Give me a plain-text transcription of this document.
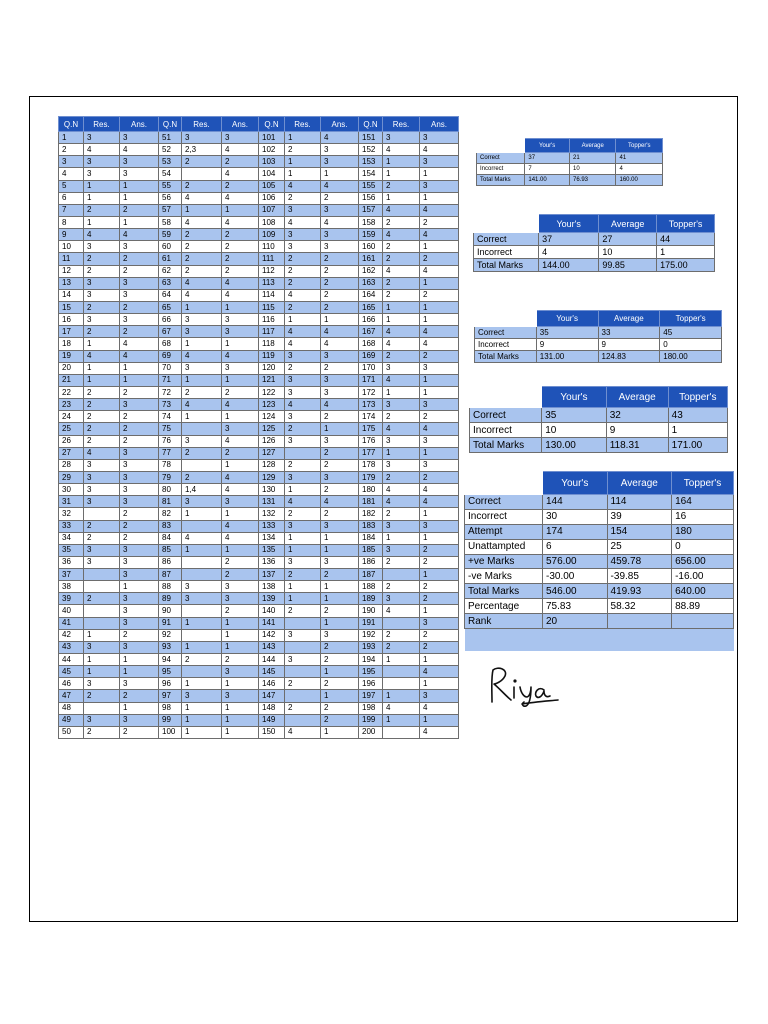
Q.N	Res.	Ans.	Q.N	Res.	Ans.	Q.N	Res.	Ans.	Q.N	Res.	Ans.
1	3	3	51	3	3	101	1	4	151	3	3
2	4	4	52	2,3	4	102	2	3	152	4	4
3	3	3	53	2	2	103	1	3	153	1	3
4	3	3	54		4	104	1	1	154	1	1
5	1	1	55	2	2	105	4	4	155	2	3
6	1	1	56	4	4	106	2	2	156	1	1
7	2	2	57	1	1	107	3	3	157	4	4
8	1	1	58	4	4	108	4	4	158	2	2
9	4	4	59	2	2	109	3	3	159	4	4
10	3	3	60	2	2	110	3	3	160	2	1
11	2	2	61	2	2	111	2	2	161	2	2
12	2	2	62	2	2	112	2	2	162	4	4
13	3	3	63	4	4	113	2	2	163	2	1
14	3	3	64	4	4	114	4	2	164	2	2
15	2	2	65	1	1	115	2	2	165	1	1
16	3	3	66	3	3	116	1	1	166	1	1
17	2	2	67	3	3	117	4	4	167	4	4
18	1	4	68	1	1	118	4	4	168	4	4
19	4	4	69	4	4	119	3	3	169	2	2
20	1	1	70	3	3	120	2	2	170	3	3
21	1	1	71	1	1	121	3	3	171	4	1
22	2	2	72	2	2	122	3	3	172	1	1
23	2	3	73	4	4	123	4	4	173	3	3
24	2	2	74	1	1	124	3	2	174	2	2
25	2	2	75		3	125	2	1	175	4	4
26	2	2	76	3	4	126	3	3	176	3	3
27	4	3	77	2	2	127		2	177	1	1
28	3	3	78		1	128	2	2	178	3	3
29	3	3	79	2	4	129	3	3	179	2	2
30	3	3	80	1,4	4	130	1	2	180	4	4
31	3	3	81	3	3	131	4	4	181	4	4
32		2	82	1	1	132	2	2	182	2	1
33	2	2	83		4	133	3	3	183	3	3
34	2	2	84	4	4	134	1	1	184	1	1
35	3	3	85	1	1	135	1	1	185	3	2
36	3	3	86		2	136	3	3	186	2	2
37		3	87		2	137	2	2	187		1
38		1	88	3	3	138	1	1	188	2	2
39	2	3	89	3	3	139	1	1	189	3	2
40		3	90		2	140	2	2	190	4	1
41		3	91	1	1	141		1	191		3
42	1	2	92		1	142	3	3	192	2	2
43	3	3	93	1	1	143		2	193	2	2
44	1	1	94	2	2	144	3	2	194	1	1
45	1	1	95		3	145		1	195		4
46	3	3	96	1	1	146	2	2	196		1
47	2	2	97	3	3	147		1	197	1	3
48		1	98	1	1	148	2	2	198	4	4
49	3	3	99	1	1	149		2	199	1	1
50	2	2	100	1	1	150	4	1	200		4
	Your's	Average	Topper's
Correct	37	21	41
Incorrect	7	10	4
Total Marks	141.00	76.93	160.00
	Your's	Average	Topper's
Correct	37	27	44
Incorrect	4	10	1
Total Marks	144.00	99.85	175.00
	Your's	Average	Topper's
Correct	35	33	45
Incorrect	9	9	0
Total Marks	131.00	124.83	180.00
	Your's	Average	Topper's
Correct	35	32	43
Incorrect	10	9	1
Total Marks	130.00	118.31	171.00
	Your's	Average	Topper's
Correct	144	114	164
Incorrect	30	39	16
Attempt	174	154	180
Unattampted	6	25	0
+ve Marks	576.00	459.78	656.00
-ve Marks	-30.00	-39.85	-16.00
Total Marks	546.00	419.93	640.00
Percentage	75.83	58.32	88.89
Rank	20		
